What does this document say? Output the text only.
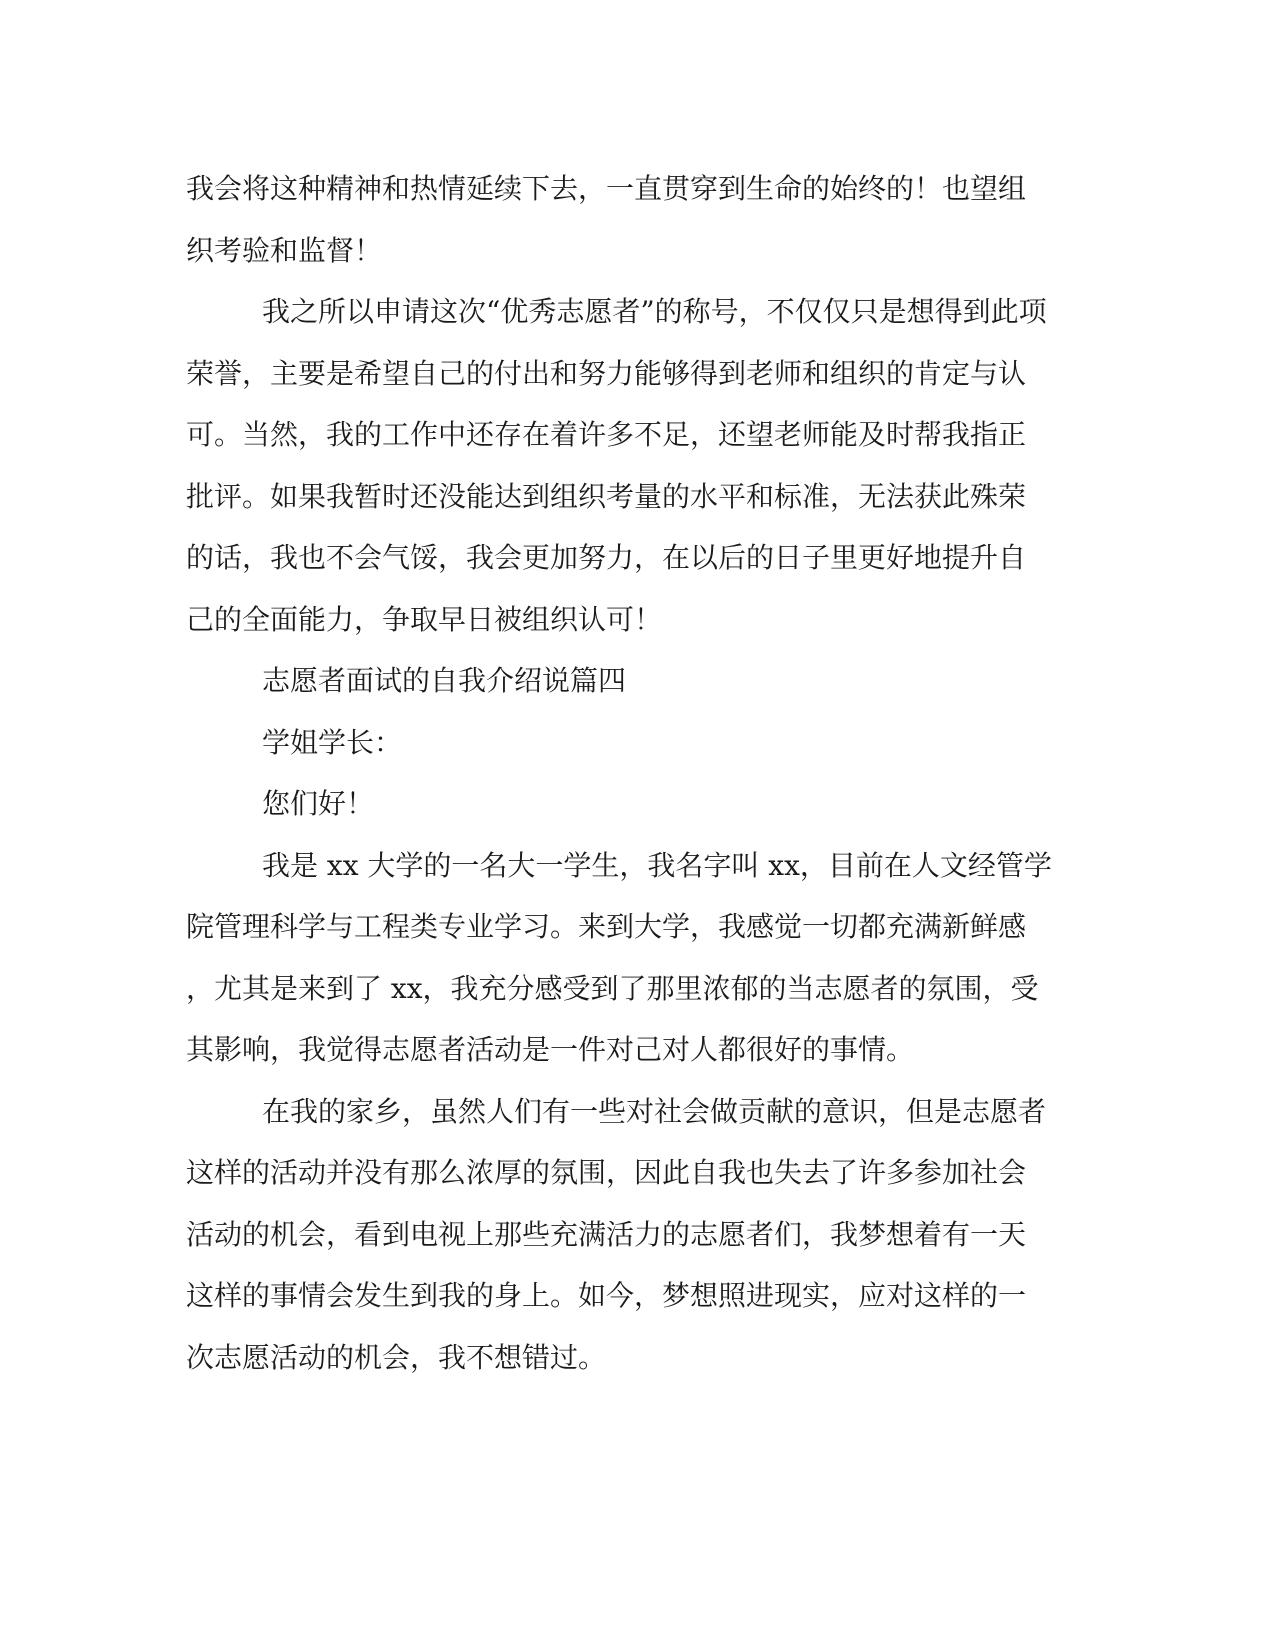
我会将这种精神和热情延续下去，一直贯穿到生命的始终的！也望组
织考验和监督！
我之所以申请这次“优秀志愿者”的称号，不仅仅只是想得到此项
荣誉，主要是希望自己的付出和努力能够得到老师和组织的肯定与认
可。当然，我的工作中还存在着许多不足，还望老师能及时帮我指正
批评。如果我暂时还没能达到组织考量的水平和标准，无法获此殊荣
的话，我也不会气馁，我会更加努力，在以后的日子里更好地提升自
己的全面能力，争取早日被组织认可！
志愿者面试的自我介绍说篇四
学姐学长：
您们好！
我是 xx 大学的一名大一学生，我名字叫 xx，目前在人文经管学
院管理科学与工程类专业学习。来到大学，我感觉一切都充满新鲜感
，尤其是来到了 xx，我充分感受到了那里浓郁的当志愿者的氛围，受
其影响，我觉得志愿者活动是一件对己对人都很好的事情。
在我的家乡，虽然人们有一些对社会做贡献的意识，但是志愿者
这样的活动并没有那么浓厚的氛围，因此自我也失去了许多参加社会
活动的机会，看到电视上那些充满活力的志愿者们，我梦想着有一天
这样的事情会发生到我的身上。如今，梦想照进现实，应对这样的一
次志愿活动的机会，我不想错过。
